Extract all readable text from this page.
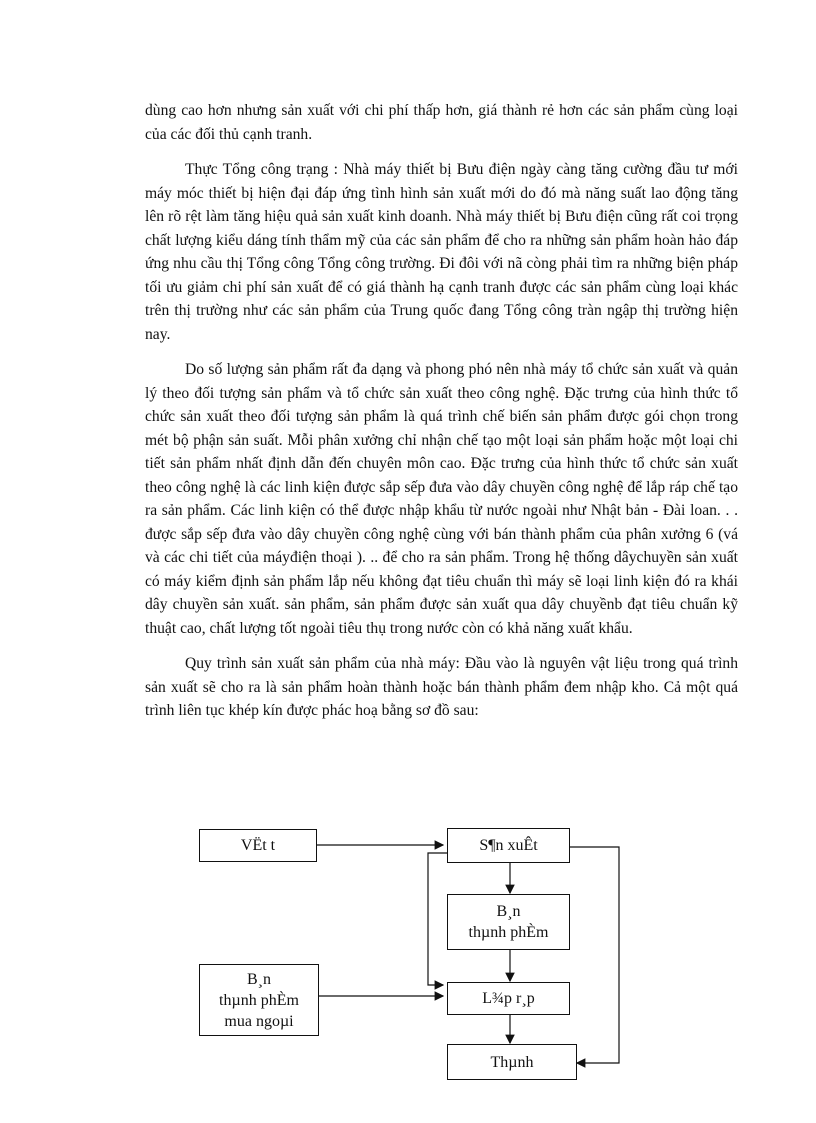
dùng cao hơn nhưng sản xuất với chi phí thấp hơn, giá thành rẻ hơn các sản phẩm cùng loại của các đối thủ cạnh tranh.

Thực Tổng công trạng : Nhà máy thiết bị Bưu điện ngày càng tăng cường đầu tư mới máy móc thiết bị hiện đại đáp ứng tình hình sản xuất mới do đó mà năng suất lao động tăng lên rõ rệt làm tăng hiệu quả sản xuất kinh doanh. Nhà máy thiết bị Bưu điện cũng rất coi trọng chất lượng kiểu dáng tính thẩm mỹ của các sản phẩm để cho ra những sản phẩm hoàn hảo đáp ứng nhu cầu thị Tổng công Tổng công trường. Đi đôi với nã còng phải tìm ra những biện pháp tối ưu giảm chi phí sản xuất để có giá thành hạ cạnh tranh được các sản phẩm cùng loại khác trên thị trường như các sản phẩm của Trung quốc đang Tổng công tràn ngập thị trường hiện nay.

Do số lượng sản phẩm rất đa dạng và phong phó nên nhà máy tổ chức sản xuất và quản lý theo đối tượng sản phẩm và tổ chức sản xuất theo công nghệ. Đặc trưng của hình thức tổ chức sản xuất theo đối tượng sản phẩm là quá trình chế biến sản phẩm được gói chọn trong mét bộ phận sản suất. Mỗi phân xưởng chỉ nhận chế tạo một loại sản phẩm hoặc một loại chi tiết sản phẩm nhất định dẫn đến chuyên môn cao. Đặc trưng của hình thức tổ chức sản xuất theo công nghệ là các linh kiện được sắp sếp đưa vào dây chuyền công nghệ để lắp ráp chế tạo ra sản phẩm. Các linh kiện có thể được nhập khẩu từ nước ngoài như Nhật bản - Đài loan. . . được sắp sếp đưa vào dây chuyền công nghệ cùng với bán thành phẩm của phân xưởng 6 (vá và các chi tiết của máyđiện thoại ). .. để cho ra sản phẩm. Trong hệ thống dâychuyền sản xuất có máy kiểm định sản phẩm lắp nếu không đạt tiêu chuẩn thì máy sẽ loại linh kiện đó ra khái dây chuyền sản xuất. sản phẩm, sản phẩm được sản xuất qua dây chuyềnb đạt tiêu chuẩn kỹ thuật cao, chất lượng tốt ngoài tiêu thụ trong nước còn có khả năng xuất khẩu.

Quy trình sản xuất sản phẩm của nhà máy: Đầu vào là nguyên vật liệu trong quá trình sản xuất sẽ cho ra là sản phẩm hoàn thành hoặc bán thành phẩm đem nhập kho. Cả một quá trình liên tục khép kín được phác hoạ bằng sơ đồ sau:

VËt t	S¶n xuÊt
B¸n
thµnh phÈm
B¸n
thµnh phÈm
mua ngoµi
L¾p r¸p
Thµnh
